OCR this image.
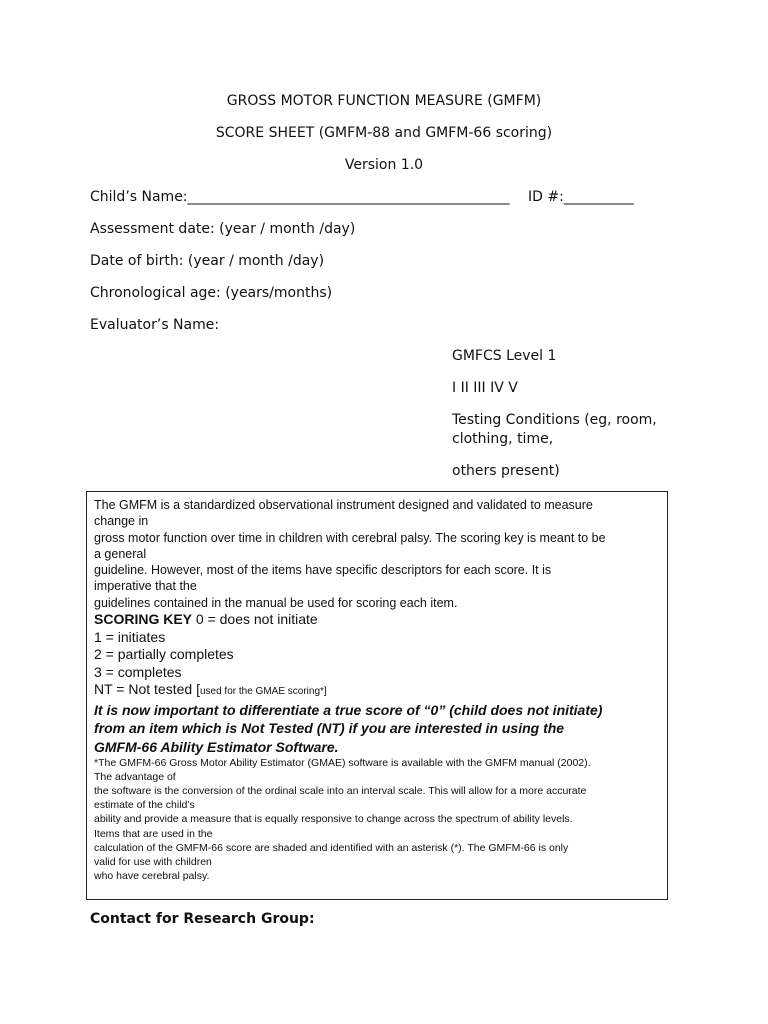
GROSS MOTOR FUNCTION MEASURE (GMFM)
SCORE SHEET (GMFM-88 and GMFM-66 scoring)
Version 1.0
Child’s Name:______________________________________________ ID #:__________
Assessment date: (year / month /day)
Date of birth: (year / month /day)
Chronological age: (years/months)
Evaluator’s Name:
GMFCS Level 1
I II III IV V
Testing Conditions (eg, room, clothing, time,
others present)
The GMFM is a standardized observational instrument designed and validated to measure
change in
gross motor function over time in children with cerebral palsy. The scoring key is meant to be
a general
guideline. However, most of the items have specific descriptors for each score. It is
imperative that the
guidelines contained in the manual be used for scoring each item.
SCORING KEY 0 = does not initiate
1 = initiates
2 = partially completes
3 = completes
NT = Not tested [used for the GMAE scoring*]
It is now important to differentiate a true score of “0” (child does not initiate)
from an item which is Not Tested (NT) if you are interested in using the
GMFM-66 Ability Estimator Software.
*The GMFM-66 Gross Motor Ability Estimator (GMAE) software is available with the GMFM manual (2002).
The advantage of
the software is the conversion of the ordinal scale into an interval scale. This will allow for a more accurate
estimate of the child’s
ability and provide a measure that is equally responsive to change across the spectrum of ability levels.
Items that are used in the
calculation of the GMFM-66 score are shaded and identified with an asterisk (*). The GMFM-66 is only
valid for use with children
who have cerebral palsy.
Contact for Research Group:
